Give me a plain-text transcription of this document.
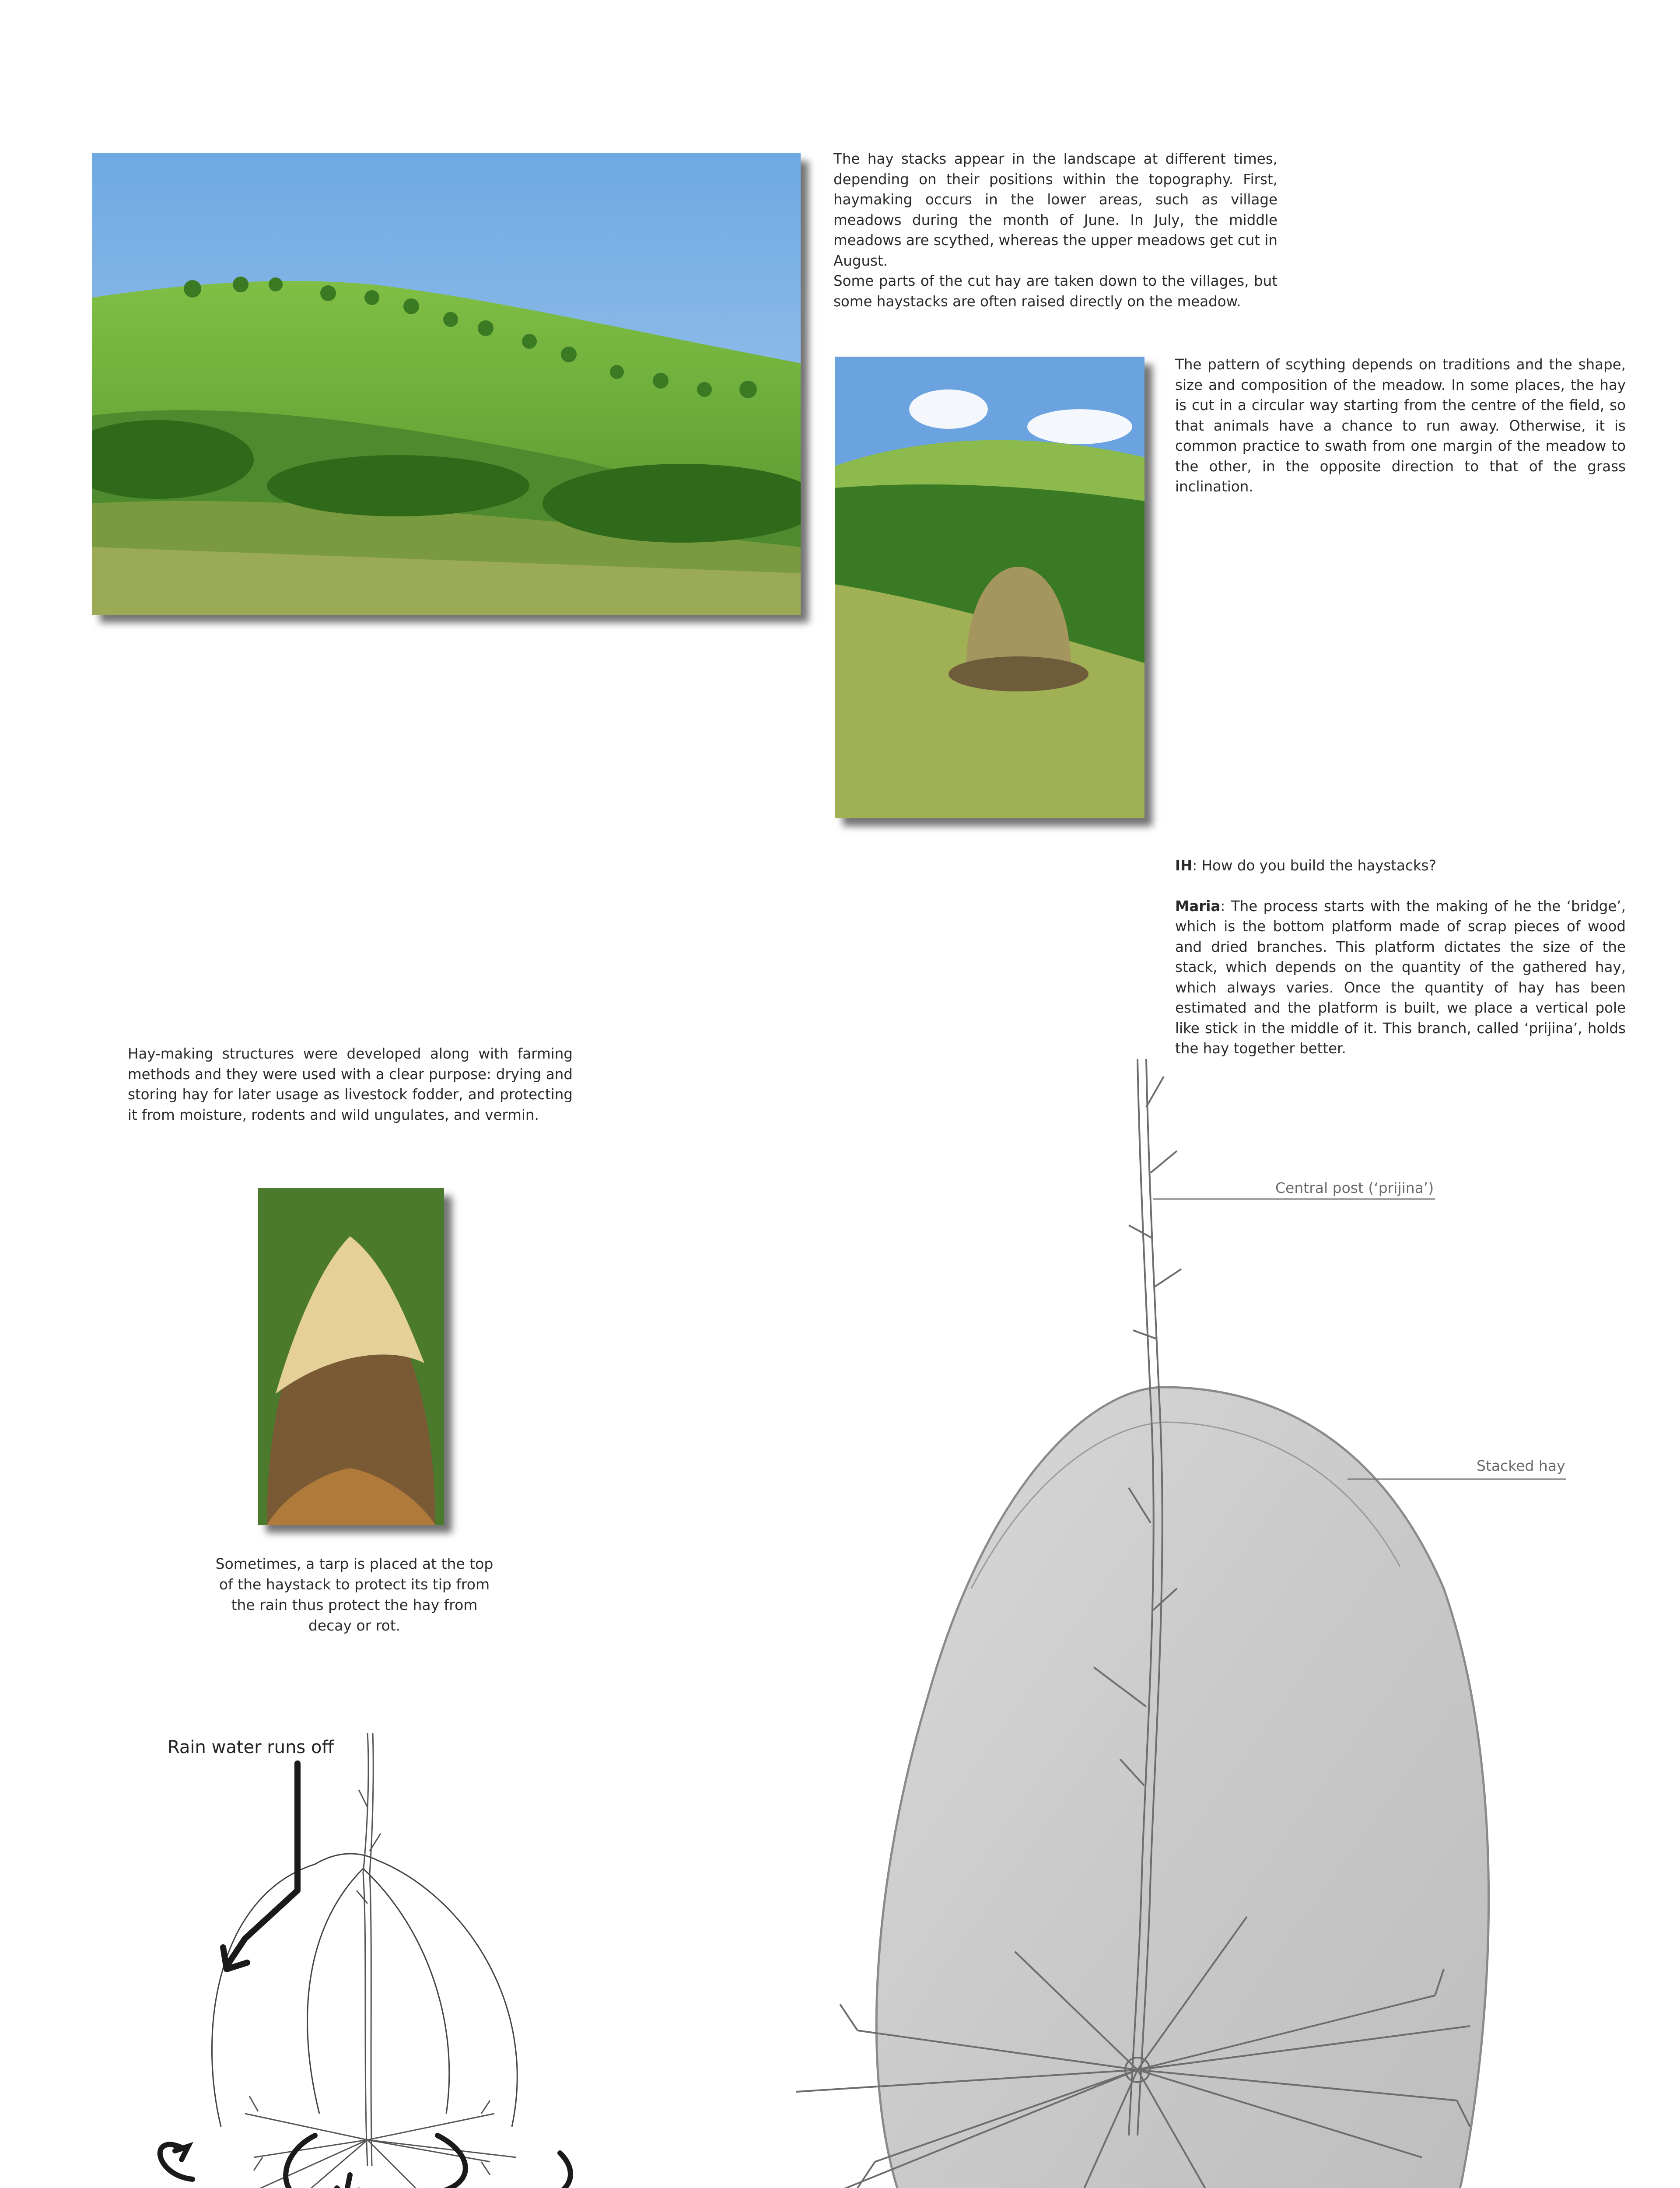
The hay stacks appear in the landscape at different times, depending on their positions within the topography. First, haymaking occurs in the lower areas, such as village meadows during the month of June. In July, the middle meadows are scythed, whereas the upper meadows get cut in August.

Some parts of the cut hay are taken down to the villages, but some haystacks are often raised directly on the meadow.

The pattern of scything depends on traditions and the shape, size and composition of the meadow. In some places, the hay is cut in a circular way starting from the centre of the field, so that animals have a chance to run away. Otherwise, it is common practice to swath from one margin of the meadow to the other, in the opposite direction to that of the grass inclination.

IH: How do you build the haystacks?

Maria: The process starts with the making of he the ‘bridge’, which is the bottom platform made of scrap pieces of wood and dried branches. This platform dictates the size of the stack, which depends on the quantity of the gathered hay, which always varies. Once the quantity of hay has been estimated and the platform is built, we place a vertical pole like stick in the middle of it. This branch, called ‘prijina’, holds the hay together better.

Hay-making structures were developed along with farming methods and they were used with a clear purpose: drying and storing hay for later usage as livestock fodder, and protecting it from moisture, rodents and wild ungulates, and vermin.

Sometimes, a tarp is placed at the top of the haystack to protect its tip from the rain thus protect the hay from decay or rot.
Rain water runs off
Central post (‘prijina’)
Stacked hay
